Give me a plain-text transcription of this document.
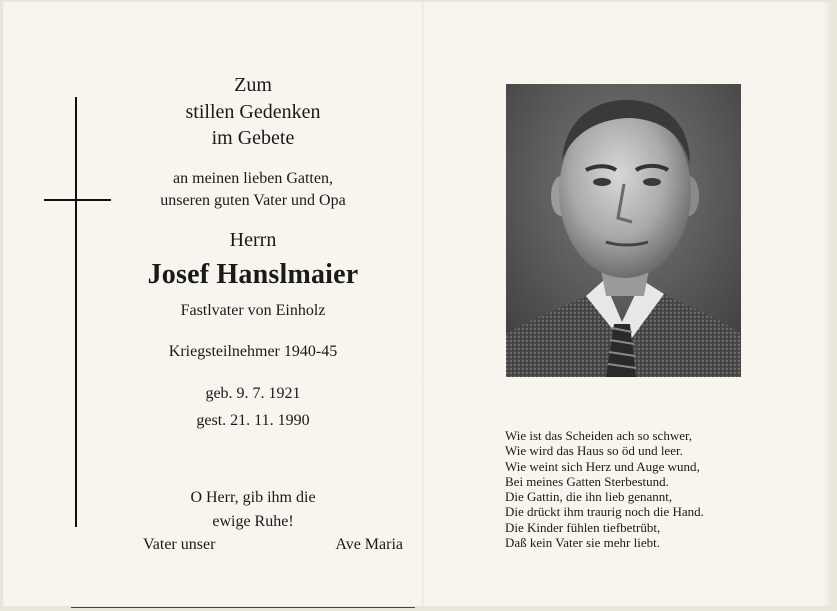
Zum
stillen Gedenken
im Gebete
an meinen lieben Gatten,
unseren guten Vater und Opa
Herrn
Josef Hanslmaier
Fastlvater von Einholz
Kriegsteilnehmer 1940-45
geb. 9. 7. 1921
gest. 21. 11. 1990
O Herr, gib ihm die
ewige Ruhe!
Vater unser	Ave Maria
Wie ist das Scheiden ach so schwer,
Wie wird das Haus so öd und leer.
Wie weint sich Herz und Auge wund,
Bei meines Gatten Sterbestund.
Die Gattin, die ihn lieb genannt,
Die drückt ihm traurig noch die Hand.
Die Kinder fühlen tiefbetrübt,
Daß kein Vater sie mehr liebt.
